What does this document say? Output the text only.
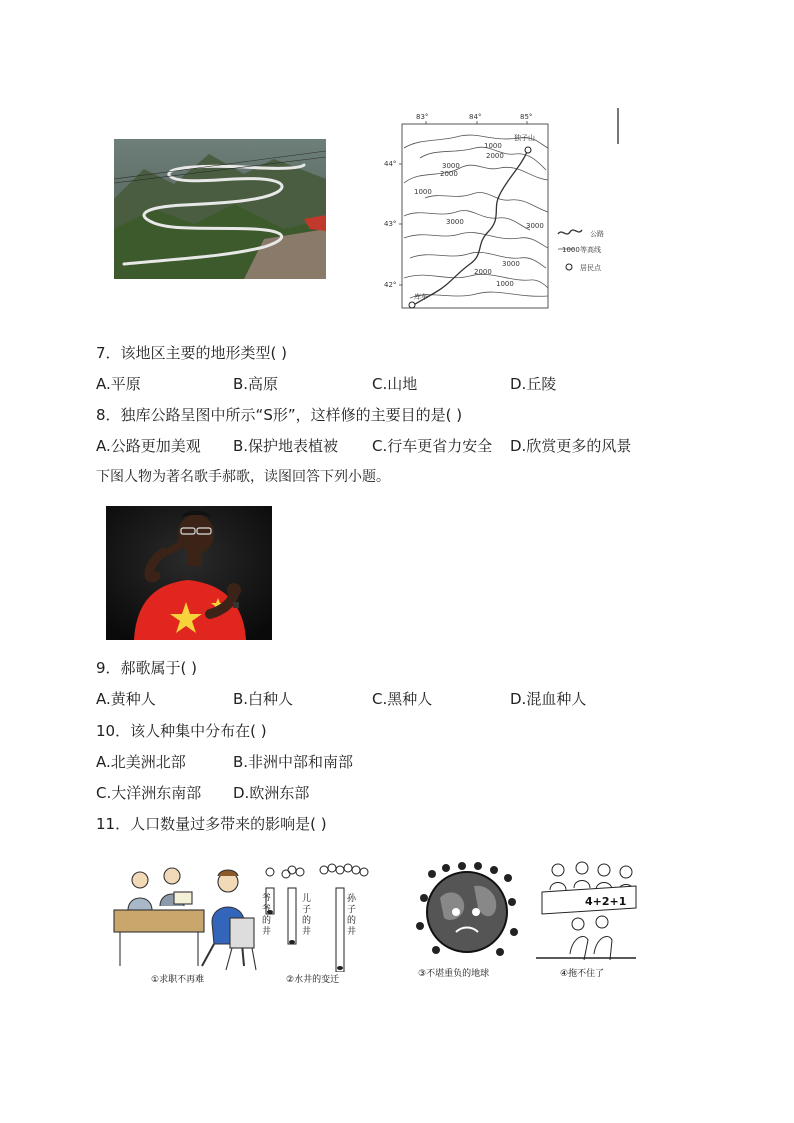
83°	84°	85°
44°
43°
42°
1000
2000
3000
2000
1000
3000	3000
3000
2000
1000
独子山
库车
公路
1000 等高线
居民点
7．该地区主要的地形类型( )
A.平原	B.高原	C.山地	D.丘陵
8．独库公路呈图中所示“S形”，这样修的主要目的是( )
A.公路更加美观 B.保护地表植被 C.行车更省力安全 D.欣赏更多的风景
下图人物为著名歌手郝歌，读图回答下列小题。
9．郝歌属于( )
A.黄种人	B.白种人	C.黑种人	D.混血种人
10．该人种集中分布在( )
A.北美洲北部	B.非洲中部和南部
C.大洋洲东南部 D.欧洲东部
11．人口数量过多带来的影响是( )
爷爷的井
儿子的井
孙子的井
4+2+1
①求职不再难	②水井的变迁
③不堪重负的地球	④拖不住了
